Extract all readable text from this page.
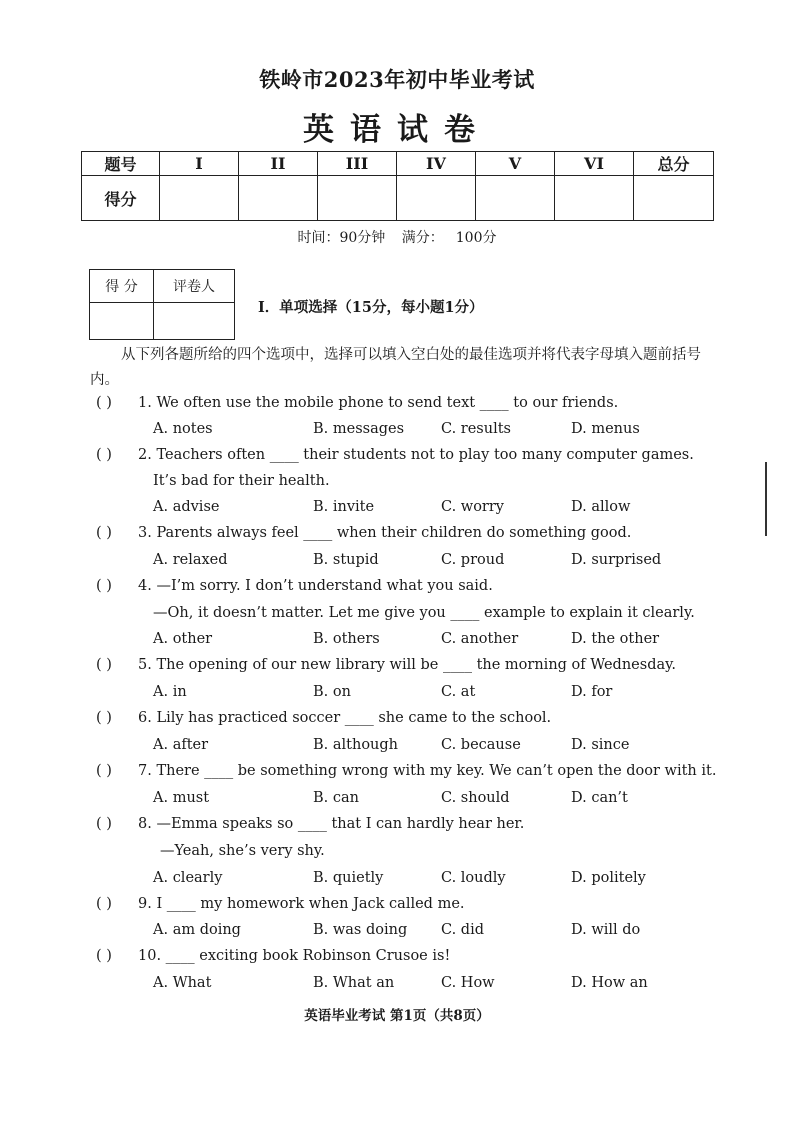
铁岭市2023年初中毕业考试
英语试卷
题号	I	II	III	IV	V	VI	总分
得分							
时间：90分钟 满分： 100分
得 分	评卷人

I．单项选择（15分，每小题1分）
从下列各题所给的四个选项中，选择可以填入空白处的最佳选项并将代表字母填入题前括号内。
( ) 1. We often use the mobile phone to send text ____ to our friends.
A. notes	B. messages	C. results	D. menus
( ) 2. Teachers often ____ their students not to play too many computer games.
It’s bad for their health.
A. advise	B. invite	C. worry	D. allow
( ) 3. Parents always feel ____ when their children do something good.
A. relaxed	B. stupid	C. proud	D. surprised
( ) 4. —I’m sorry. I don’t understand what you said.
—Oh, it doesn’t matter. Let me give you ____ example to explain it clearly.
A. other	B. others	C. another	D. the other
( ) 5. The opening of our new library will be ____ the morning of Wednesday.
A. in	B. on	C. at	D. for
( ) 6. Lily has practiced soccer ____ she came to the school.
A. after	B. although	C. because	D. since
( ) 7. There ____ be something wrong with my key. We can’t open the door with it.
A. must	B. can	C. should	D. can’t
( ) 8. —Emma speaks so ____ that I can hardly hear her.
—Yeah, she’s very shy.
A. clearly	B. quietly	C. loudly	D. politely
( ) 9. I ____ my homework when Jack called me.
A. am doing	B. was doing C. did	D. will do
( ) 10. ____ exciting book Robinson Crusoe is!
A. What	B. What an	C. How	D. How an
英语毕业考试 第1页（共8页）
